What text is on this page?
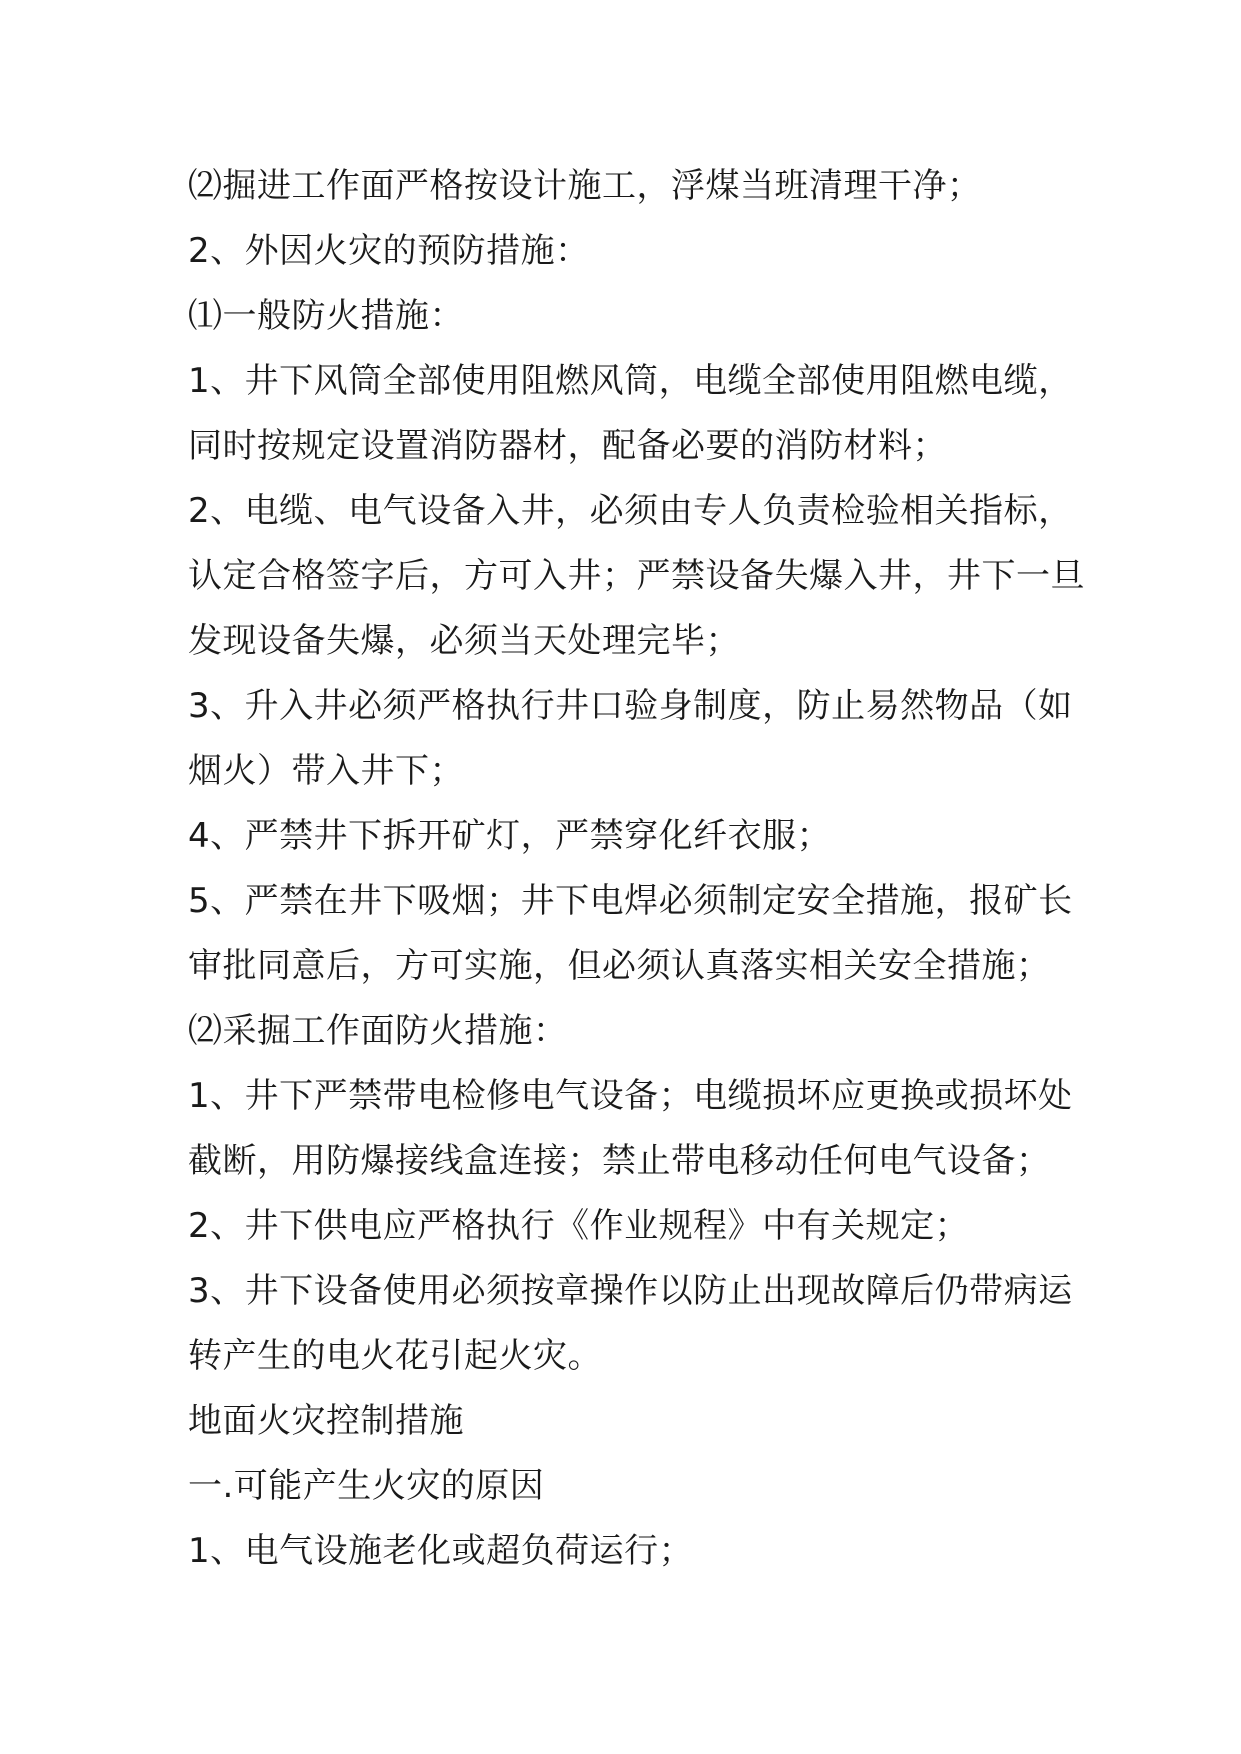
⑵掘进工作面严格按设计施工，浮煤当班清理干净；
2、外因火灾的预防措施：
⑴一般防火措施：
1、井下风筒全部使用阻燃风筒，电缆全部使用阻燃电缆，
同时按规定设置消防器材，配备必要的消防材料；
2、电缆、电气设备入井，必须由专人负责检验相关指标，
认定合格签字后，方可入井；严禁设备失爆入井，井下一旦
发现设备失爆，必须当天处理完毕；
3、升入井必须严格执行井口验身制度，防止易然物品（如
烟火）带入井下；
4、严禁井下拆开矿灯，严禁穿化纤衣服；
5、严禁在井下吸烟；井下电焊必须制定安全措施，报矿长
审批同意后，方可实施，但必须认真落实相关安全措施；
⑵采掘工作面防火措施：
1、井下严禁带电检修电气设备；电缆损坏应更换或损坏处
截断，用防爆接线盒连接；禁止带电移动任何电气设备；
2、井下供电应严格执行《作业规程》中有关规定；
3、井下设备使用必须按章操作以防止出现故障后仍带病运
转产生的电火花引起火灾。
地面火灾控制措施
一.可能产生火灾的原因
1、电气设施老化或超负荷运行；
